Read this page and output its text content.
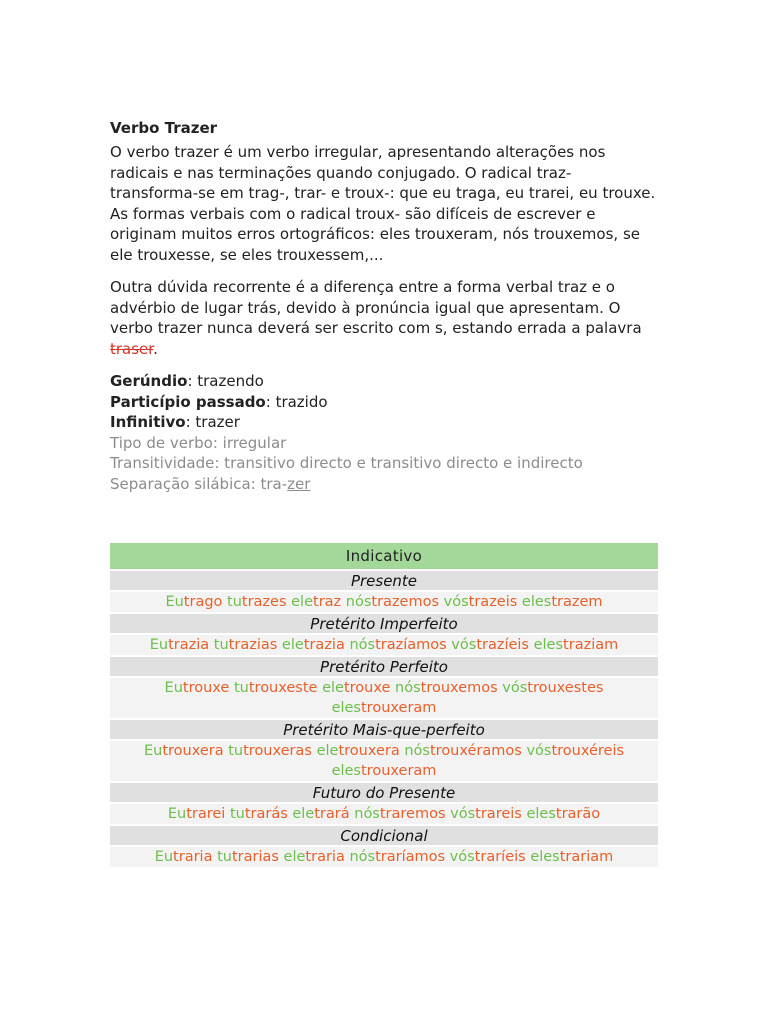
Verbo Trazer

O verbo trazer é um verbo irregular, apresentando alterações nos radicais e nas terminações quando conjugado. O radical traz- transforma-se em trag-, trar- e troux-: que eu traga, eu trarei, eu trouxe. As formas verbais com o radical troux- são difíceis de escrever e originam muitos erros ortográficos: eles trouxeram, nós trouxemos, se ele trouxesse, se eles trouxessem,...

Outra dúvida recorrente é a diferença entre a forma verbal traz e o advérbio de lugar trás, devido à pronúncia igual que apresentam. O verbo trazer nunca deverá ser escrito com s, estando errada a palavra traser.

Gerúndio: trazendo
Particípio passado: trazido
Infinitivo: trazer
Tipo de verbo: irregular
Transitividade: transitivo directo e transitivo directo e indirecto
Separação silábica: tra-zer
Indicativo

Presente

Eutrago tutrazes eletraz nóstrazemos vóstrazeis elestrazem

Pretérito Imperfeito

Eutrazia tutrazias eletrazia nóstrazíamos vóstrazíeis elestraziam

Pretérito Perfeito

Eutrouxe tutrouxeste eletrouxe nóstrouxemos vóstrouxestes elestrouxeram

Pretérito Mais-que-perfeito

Eutrouxera tutrouxeras eletrouxera nóstrouxéramos vóstrouxéreis elestrouxeram

Futuro do Presente

Eutrarei tutrarás eletrará nóstraremos vóstrareis elestrarão

Condicional

Eutraria tutrarias eletraria nóstraríamos vóstraríeis elestrariam
